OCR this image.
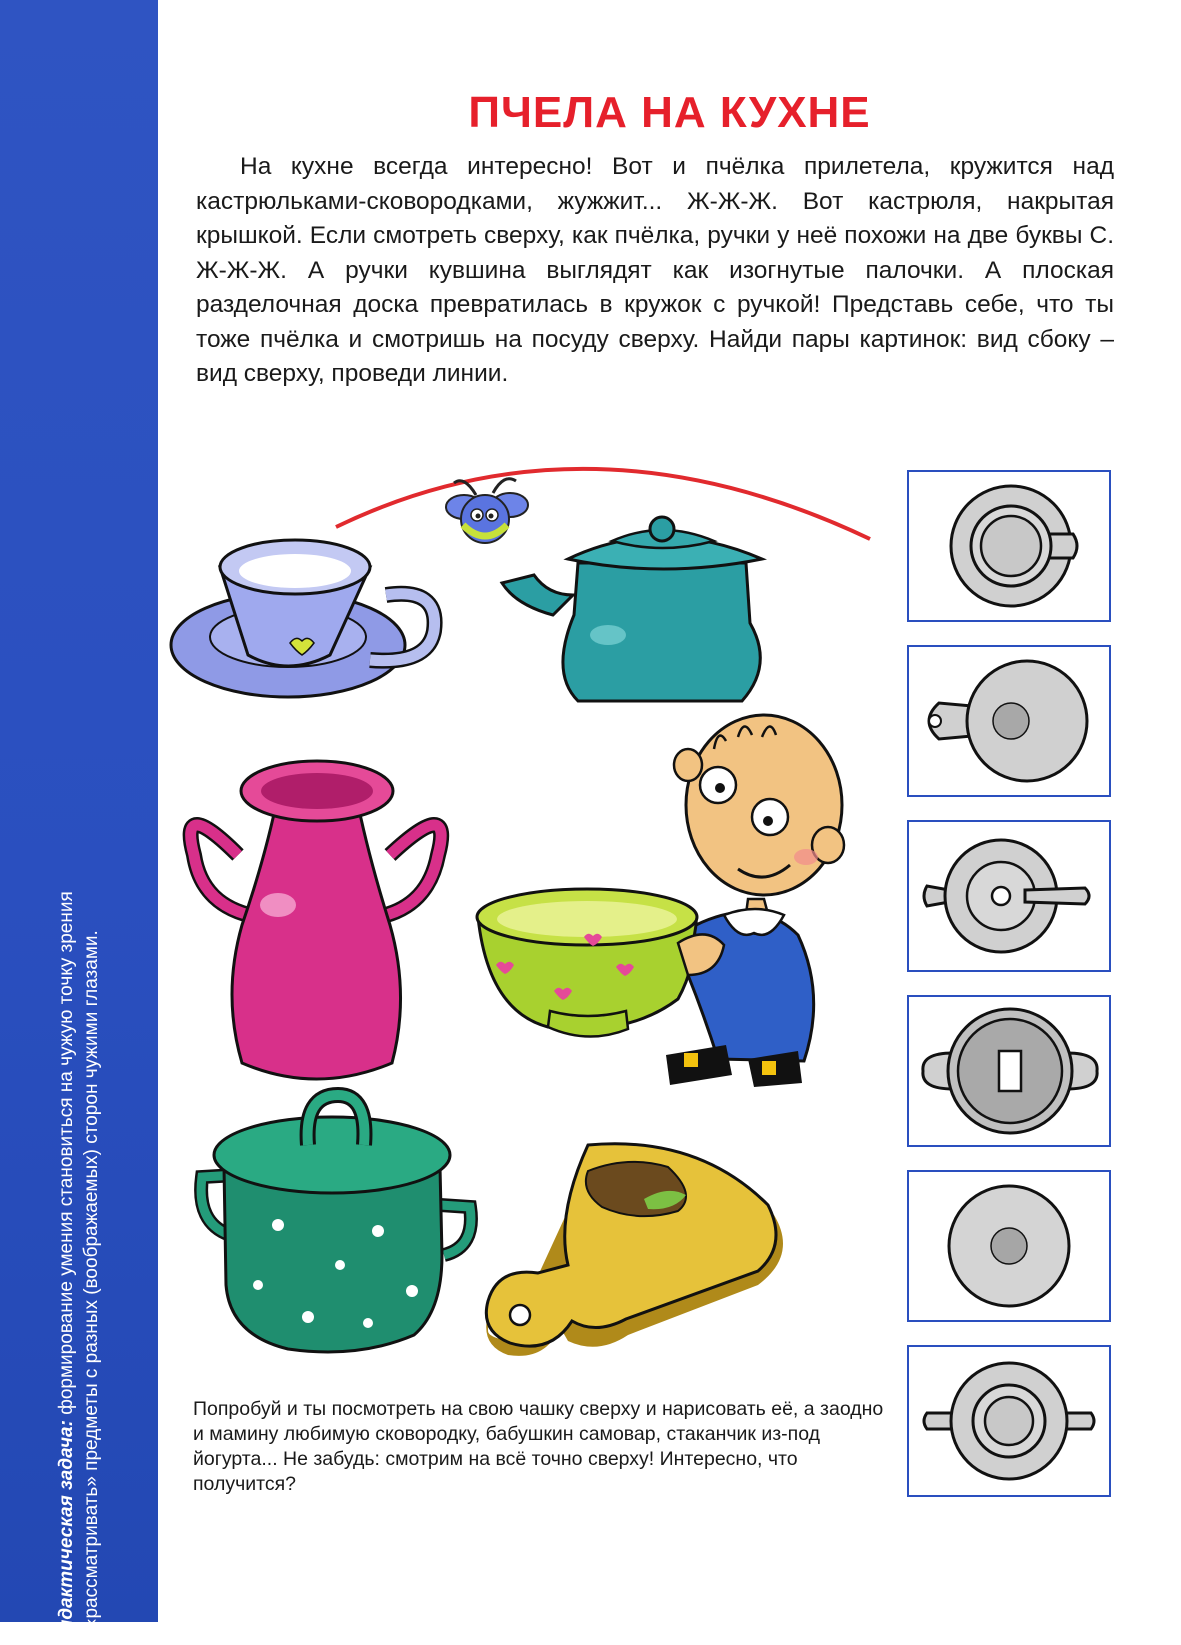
Дидактическая задача: формирование умения становиться на чужую точку зрения и «рассматривать» предметы с разных (воображаемых) сторон чужими глазами.
ПЧЕЛА НА КУХНЕ

На кухне всегда интересно! Вот и пчёлка прилетела, кружится над кастрюльками-сковородками, жужжит... Ж-Ж-Ж. Вот кастрюля, накрытая крышкой. Если смотреть сверху, как пчёлка, ручки у неё похожи на две буквы С. Ж-Ж-Ж. А ручки кувшина выглядят как изогнутые палочки. А плоская разделочная доска превратилась в кружок с ручкой! Представь себе, что ты тоже пчёлка и смотришь на посуду сверху. Найди пары картинок: вид сбоку – вид сверху, проведи линии.

Попробуй и ты посмотреть на свою чашку сверху и нарисовать её, а заодно и мамину любимую сковородку, бабушкин самовар, стаканчик из-под йогурта... Не забудь: смотрим на всё точно сверху! Интересно, что получится?
